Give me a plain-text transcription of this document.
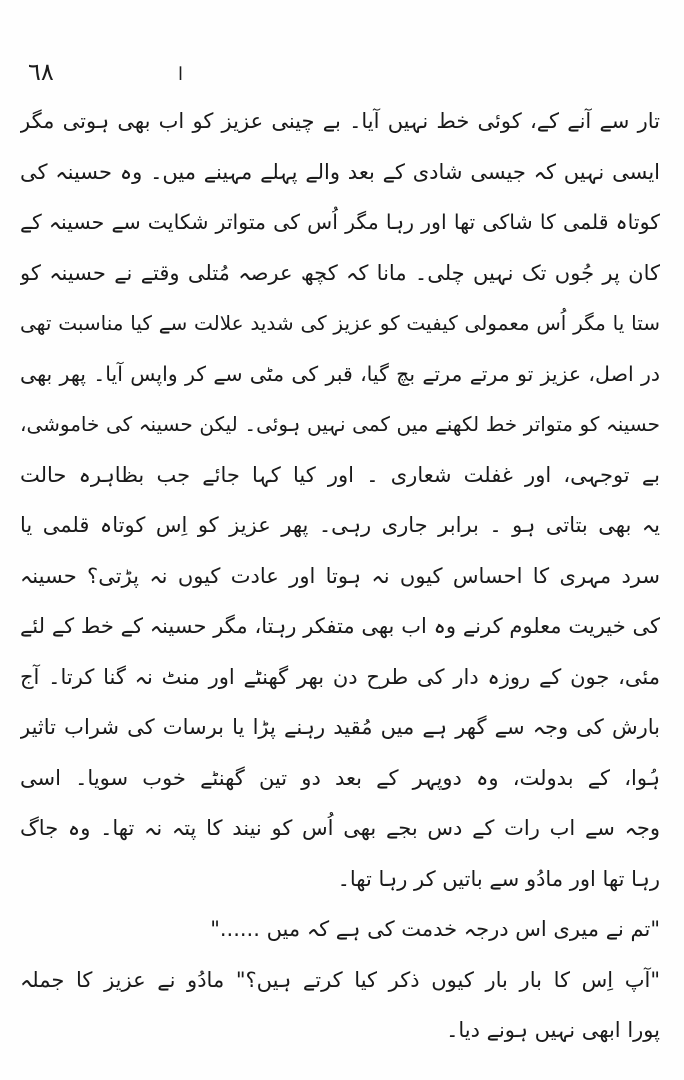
٦٨	ا
تار سے آنے کے، کوئی خط نہیں آیا۔ بے چینی عزیز کو اب بھی ہوتی مگر
ایسی نہیں کہ جیسی شادی کے بعد والے پہلے مہینے میں۔ وہ حسینہ کی
کوتاہ قلمی کا شاکی تھا اور رہا مگر اُس کی متواتر شکایت سے حسینہ کے
کان پر جُوں تک نہیں چلی۔ مانا کہ کچھ عرصہ مُتلی وقتے نے حسینہ کو
ستا یا مگر اُس معمولی کیفیت کو عزیز کی شدید علالت سے کیا مناسبت تھی
در اصل، عزیز تو مرتے مرتے بچ گیا، قبر کی مٹی سے کر واپس آیا۔ پھر بھی
حسینہ کو متواتر خط لکھنے میں کمی نہیں ہوئی۔ لیکن حسینہ کی خاموشی،
بے توجہی، اور غفلت شعاری ۔ اور کیا کہا جائے جب بظاہرہ حالت
یہ بھی بتاتی ہو ۔ برابر جاری رہی۔ پھر عزیز کو اِس کوتاہ قلمی یا
سرد مہری کا احساس کیوں نہ ہوتا اور عادت کیوں نہ پڑتی؟ حسینہ
کی خیریت معلوم کرنے وہ اب بھی متفکر رہتا، مگر حسینہ کے خط کے لئے
مئی، جون کے روزہ دار کی طرح دن بھر گھنٹے اور منٹ نہ گنا کرتا۔ آج
بارش کی وجہ سے گھر ہے میں مُقید رہنے پڑا یا برسات کی شراب تاثیر
ہُوا، کے بدولت، وہ دوپہر کے بعد دو تین گھنٹے خوب سویا۔ اسی
وجہ سے اب رات کے دس بجے بھی اُس کو نیند کا پتہ نہ تھا۔ وہ جاگ
رہا تھا اور مادُو سے باتیں کر رہا تھا۔
"تم نے میری اس درجہ خدمت کی ہے کہ میں ......"
"آپ اِس کا بار بار کیوں ذکر کیا کرتے ہیں؟" مادُو نے عزیز کا جملہ
پورا ابھی نہیں ہونے دیا۔
